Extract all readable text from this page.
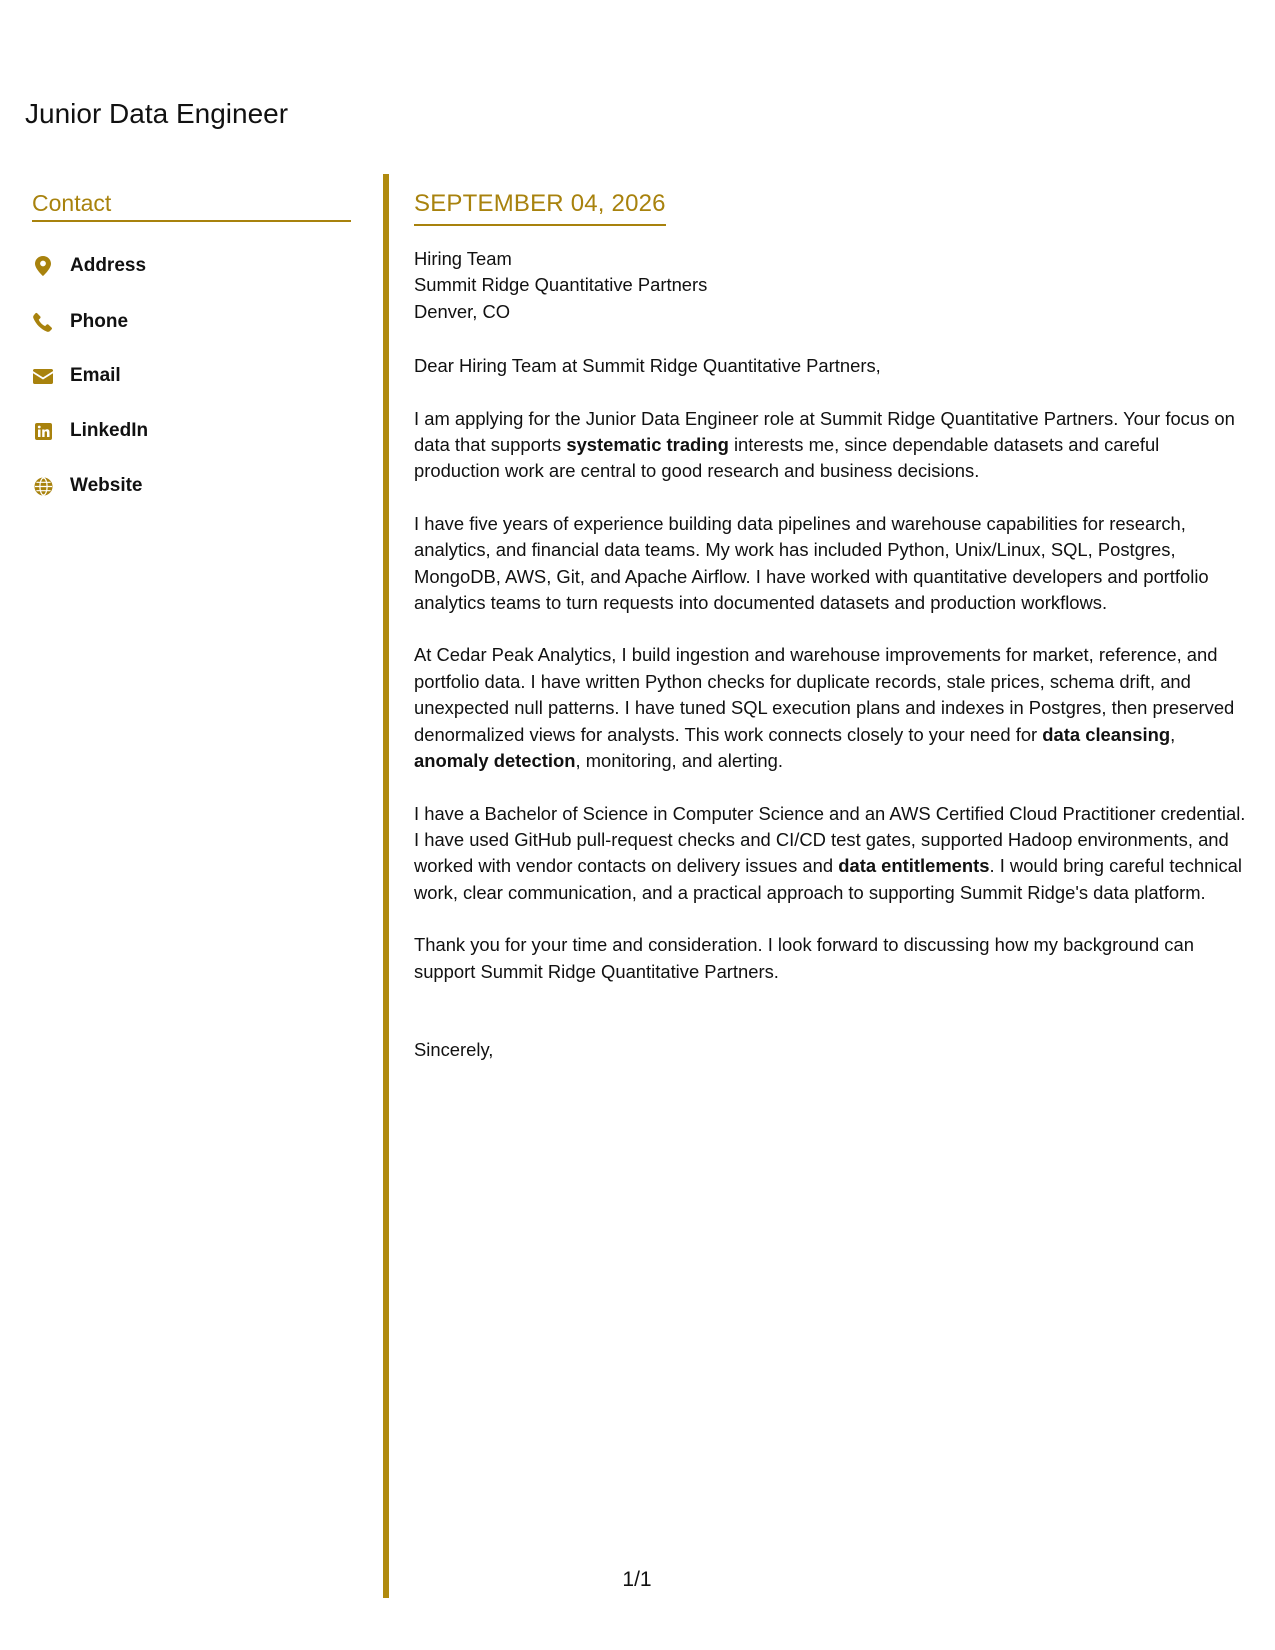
Junior Data Engineer
Contact
Address
Phone
Email
LinkedIn
Website
SEPTEMBER 04, 2026
Hiring Team
Summit Ridge Quantitative Partners
Denver, CO
Dear Hiring Team at Summit Ridge Quantitative Partners,
I am applying for the Junior Data Engineer role at Summit Ridge Quantitative Partners. Your focus on data that supports systematic trading interests me, since dependable datasets and careful production work are central to good research and business decisions.
I have five years of experience building data pipelines and warehouse capabilities for research, analytics, and financial data teams. My work has included Python, Unix/Linux, SQL, Postgres, MongoDB, AWS, Git, and Apache Airflow. I have worked with quantitative developers and portfolio analytics teams to turn requests into documented datasets and production workflows.
At Cedar Peak Analytics, I build ingestion and warehouse improvements for market, reference, and portfolio data. I have written Python checks for duplicate records, stale prices, schema drift, and unexpected null patterns. I have tuned SQL execution plans and indexes in Postgres, then preserved denormalized views for analysts. This work connects closely to your need for data cleansing, anomaly detection, monitoring, and alerting.
I have a Bachelor of Science in Computer Science and an AWS Certified Cloud Practitioner credential. I have used GitHub pull-request checks and CI/CD test gates, supported Hadoop environments, and worked with vendor contacts on delivery issues and data entitlements. I would bring careful technical work, clear communication, and a practical approach to supporting Summit Ridge's data platform.
Thank you for your time and consideration. I look forward to discussing how my background can support Summit Ridge Quantitative Partners.
Sincerely,
1/1
